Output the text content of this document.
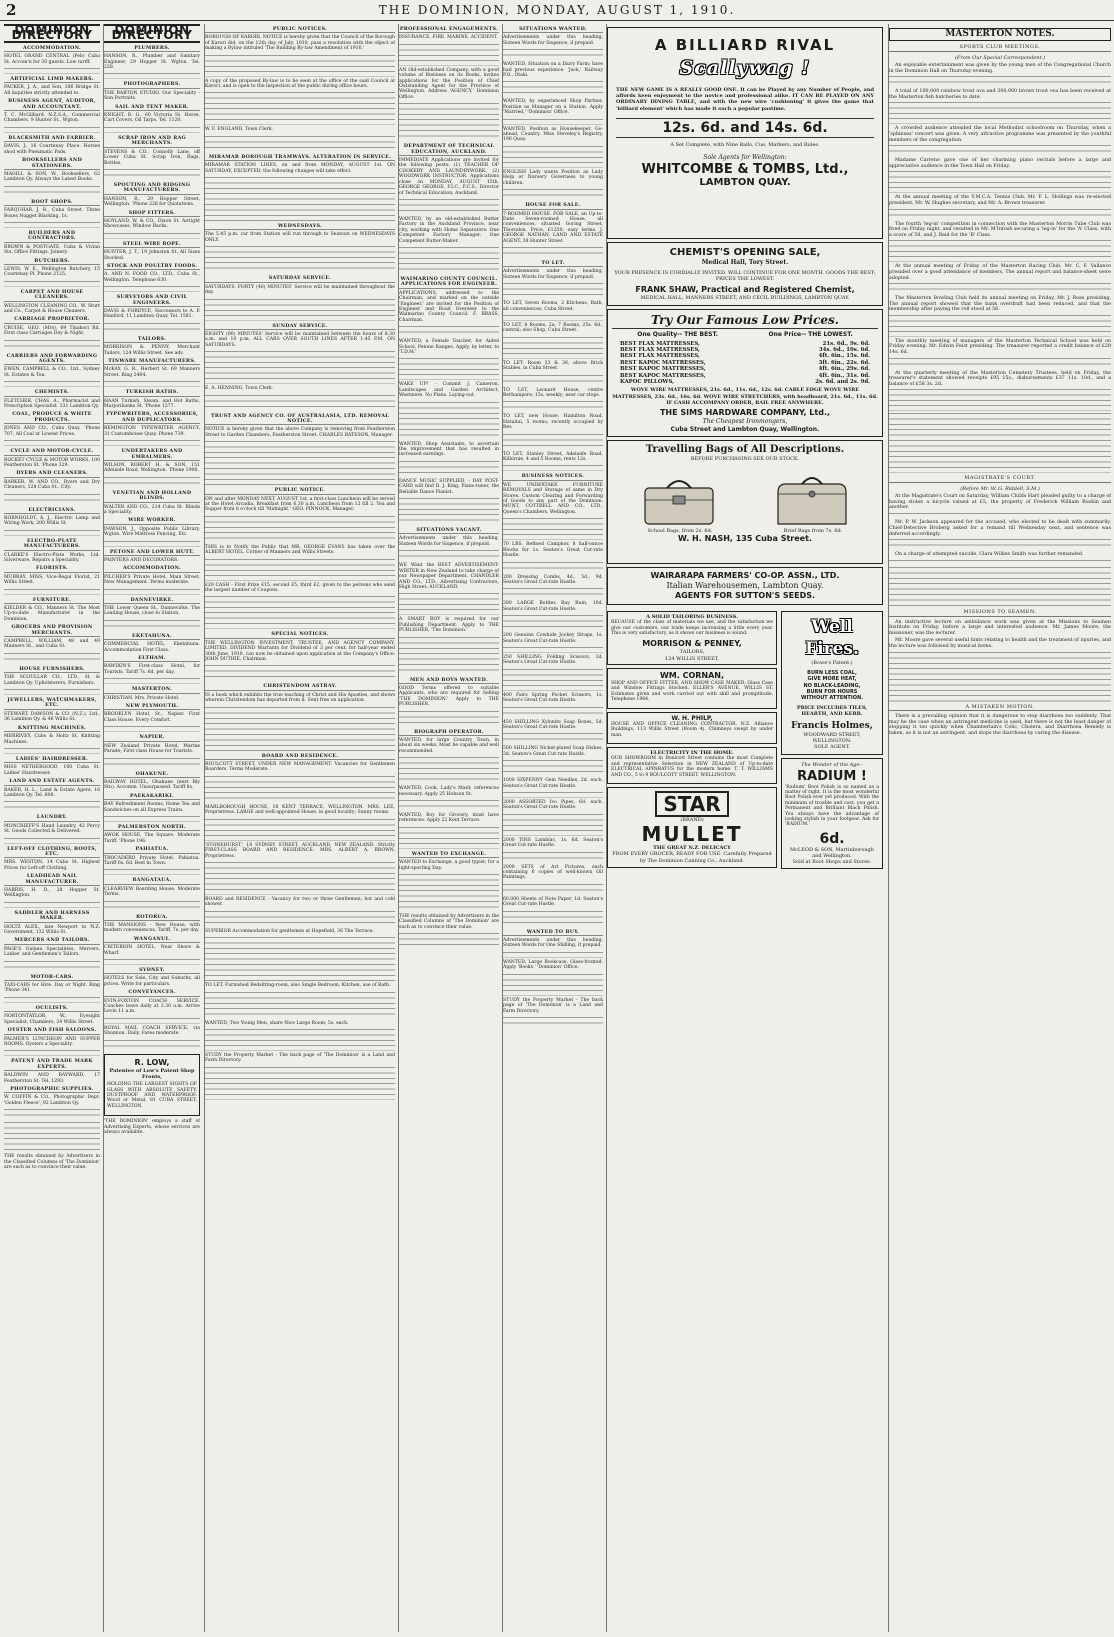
2	THE DOMINION, MONDAY, AUGUST 1, 1910.
DOMINION DIRECTORY
ACCOMMODATION.
HOTEL GRAND CENTRAL (Peb) Cuba St. Accom'n for 30 guests. Low tariff.
ARTIFICIAL LIMB MAKERS.
PACKER, J. A., and Son, 186 Bridge St. All inquiries strictly attended to.
BUSINESS AGENT, AUDITOR, AND ACCOUNTANT.
T. C. McGilliard, N.Z.S.A., Commercial Chambers, 9 Hunter St., Wgton.
BLACKSMITH AND FARRIER.
DAVIS, J., 16 Courtenay Place. Horses shod with Pneumatic Pads.
BOOKSELLERS AND STATIONERS.
MAGILL & SON, W., Booksellers, 62 Lambton Qy. Always the Latest Books.
BOOT SHOPS.
FARQUHAR, J. R., Cuba Street. Three Boxes Nugget Blacking, 1s.
BUILDERS AND CONTRACTORS.
BROWN & POSTGATE, Cuba & Vivian Sts. Office Fittings. Joinery.
BUTCHERS.
LEWIS, W. E., Wellington Butchery, 15 Courtenay Pl. Phone 2125.
CARPET AND HOUSE CLEANERS.
WELLINGTON CLEANING CO., W. Sturt and Co., Carpet & House Cleaners.
CARRIAGE PROPRIETOR.
CRUISE, GEO. (Mrs), 69 Tinakori Rd. First class Carriages Day & Night.
CARRIERS AND FORWARDING AGENTS.
EWEN, CAMPBELL & CO., Ltd., Sydney St. Estates & Tea.
CHEMISTS.
FLETCHER, CHAS. A., Pharmacist and Prescription Specialist. 231 Lambton Qy.
COAL, PRODUCE & WHITE PRODUCTS.
JONES AND CO., Cuba Quay. 'Phone 707. All Coal at Lowest Prices.
CYCLE AND MOTOR-CYCLE.
ROCKET CYCLE & MOTOR WORKS, 100 Featherston St. 'Phone 329.
DYERS AND CLEANERS.
BARKER, W. AND CO., Dyers and Dry Cleaners, 128 Cuba St., City.
ELECTRICIANS.
BORNHOLDT, A. J., Electric Lamp and Wiring Work, 200 Willis St.
ELECTRO-PLATE MANUFACTURERS.
CLARKE'S Electro-Plate Works, Ltd. Silverware. Repairs a Speciality.
FLORISTS.
MURRAY, MISS, Vice-Regal Florist, 21 Willis Street.
FURNITURE.
KIELDER & CO., Manners St. The Most Up-to-date Manufacturer in the Dominion.
GROCERS AND PROVISION MERCHANTS.
CAMPBELL, WILLIAM, 48 and 49 Manners St., and Cuba St.
HOUSE FURNISHERS.
THE SCOULLAR CO., LTD., H. & Lambton Qy. Upholsterers, Furnishers.
JEWELLERS, WATCHMAKERS, ETC.
STEWART, DAWSON & CO. (N.Z.), Ltd., 36 Lambton Qy. & 46 Willis St.
KNITTING MACHINES.
MERRIVEY, Cubs & Holtz St. Knitting Machines.
LADIES' HAIRDRESSER.
MISS NETHERGOOD, 100 Cuba St. Ladies' Hairdresser.
LAND AND ESTATE AGENTS.
BAKER, H. L., Land & Estate Agent, 16 Lambton Qy. Tel. 608.
LAUNDRY.
MONCRIEFF'S Hand Laundry, 42 Percy St. Goods Collected & Delivered.
LEFT-OFF CLOTHING, BOOTS, ETC.
MRS. WESTON, 14 Cuba St. Highest Prices for Left-off Clothing.
LEADHEAD NAIL MANUFACTURER.
HARRIS, H. D., 28 Hopper St. Wellington.
SADDLER AND HARNESS MAKER.
HOLTZ ALEX., late Newport to N.Z. Government, 132 Willis St.
MERCERS AND TAILORS.
PAGE'S Guinea Specialities, Mercers, Ladies' and Gentlemen's Tailors.
MOTOR-CARS.
TAXI-CABS for Hire. Day or Night. Ring 'Phone 341.
OCULISTS.
NORTONTAYLOR, W., Eyesight Specialist, Chambers, 24 Willis Street.
OYSTER AND FISH SALOONS.
PALMER'S LUNCHEON AND SUPPER ROOMS. Oysters a Speciality.
PATENT AND TRADE MARK EXPERTS.
BALDWIN AND RAYWARD, 17 Featherston St. Tel. 1293.
PHOTOGRAPHIC SUPPLIES.
W. COFFIN & CO., Photographic Dept. 'Golden Fleece', 92 Lambton Qy.
THE results obtained by Advertisers in the Classified Columns of 'The Dominion' are such as to convince their value.
DOMINION DIRECTORY
PLUMBERS.
HANSON, R., Plumber and Sanitary Engineer, 29 Hopper St. Wgton. Tel. 228.
PHOTOGRAPHERS.
THE BARTON STUDIO. Our Speciality - Sun Portraits.
SAIL AND TENT MAKER.
KNIGHT, B. G., 60 Victoria St. Horse, Cart Covers, Oil Tarps. Tel. 1120.
SCRAP IRON AND RAG MERCHANTS.
STEVENS & CO., Connolly Lane, off Lower Cuba St. Scrap Iron, Rags, Bottles.
SPOUTING AND RIDGING MANUFACTURERS.
HANSON, R., 29 Hopper Street, Wellington. 'Phone 228 for Quotations.
SHOP FITTERS.
HOYLAND, W. & CO., Dixon St. Airtight Showcases, Window Backs.
STEEL WIRE ROPE.
HUNTER, J. T., 19 Johnston St. All Sizes Stocked.
STOCK AND POULTRY FOODS.
A. AND N. FOOD CO., LTD., Cuba St., Wellington. Telephone 630.
SURVEYORS AND CIVIL ENGINEERS.
DAVIS & FORDYCE, Successors to A. P. Hanford, 11 Lambton Quay. Tel. 1581.
TAILORS.
MORRISON & PENNY, Merchant Tailors, 124 Willis Street. See adv.
TINWARE MANUFACTURERS.
McKAY, G. R., Herbert St. 69 Manners Street. Ring 2404.
TURKISH BATHS.
HAAN Turkish, Steam, and Hot Baths, Marjoribanks St. 'Phone 1377.
TYPEWRITERS, ACCESSORIES, AND DUPLICATORS.
REMINGTON TYPEWRITER AGENCY, 31 Customhouse Quay. Phone 739.
UNDERTAKERS AND EMBALMERS.
WILSON, ROBERT H. & SON, 151 Adelaide Road, Wellington. 'Phone 1906.
VENETIAN AND HOLLAND BLINDS.
WALTER AND CO., 214 Cuba St. Blinds a Speciality.
WIRE WORKER.
DAWSON, J., Opposite Public Library, Wgton. Wire Mattress Fencing, Etc.
PETONE AND LOWER HUTT.
PAINTERS AND DECORATORS.
ACCOMMODATION.
PILCHER'S Private Hotel, Main Street. New Management. Terms moderate.
DANNEVIRKE.
THE Lower Queen St., Dannevirke. The Leading House, close to Station.
EKETAHUNA.
COMMERCIAL HOTEL, Eketahuna. Accommodation First Class.
ELTHAM.
BAWDEN'S First-class Hotel, for Tourists. Tariff 7s. 6d. per day.
MASTERTON.
CHRISTIAN. Mrs. Private Hotel.
NEW PLYMOUTH.
BROOKLYN Hotel, St., Napier. First Class House. Every Comfort.
NAPIER.
NEW Zealand Private Hotel, Marine Parade; First-class House for Tourists.
OHAKUNE.
RAILWAY HOTEL, Ohakune (next Rly Stn). Accomm. Unsurpassed. Tariff 8s.
PAEKAKARIKI.
BAY Refreshment Rooms, Home Tea and Sandwiches on all Express Trains.
PALMERSTON NORTH.
AWOK HOUSE, The Square. Moderate Tariff. 'Phone 196.
PAHIATUA.
TROCADERO Private Hotel. Pahiatua. Tariff 6s. 6d. Best in Town.
RANGATAUA.
CLEARVIEW Boarding House. Moderate Terms.
ROTORUA.
THE MANSIONS - New House, with modern conveniences. Tariff, 7s. per day.
WANGANUI.
CRITERION HOTEL, Near Shore & Wharf.
SYDNEY.
HOTELS for Sale, City and Suburbs, all prices. Write for particulars.
CONVEYANCES.
EVIN-FOXTON COACH SERVICE. Coaches leave daily at 3.30 a.m. Arrive Levin 11 a.m.
ROYAL MAIL COACH SERVICE, via Shannon. Daily. Fares moderate.
R. LOW,
Patentee of Low's Patent Shop Fronts,
HOLDING THE LARGEST SIGHTS OF GLASS WITH ABSOLUTE SAFETY. DUSTPROOF AND WATERPROOF. Wood or Metal. 81 CUBA STREET, WELLINGTON.
'THE DOMINION' employs a staff of Advertising Experts, whose services are always available.
PUBLIC NOTICES.
BOROUGH OF KARORI. NOTICE is hereby given that the Council of the Borough of Karori did, on the 12th day of July, 1910, pass a resolution with the object of making a Bylaw intituled 'The Building By-law Amendment of 1910.'
A copy of the proposed By-law is to be seen at the office of the said Council at Karori, and is open to the inspection of the public during office hours.
W. F. ENGLAND, Town Clerk.
MIRAMAR BOROUGH TRAMWAYS. ALTERATION IN SERVICE.
MIRAMAR STATION LINES, on and from MONDAY, AUGUST 1st. ON SATURDAY, EXCEPTED, the following changes will take effect.
WEDNESDAYS.
The 5.45 p.m. car from Station will run through to Seatoun on WEDNESDAYS ONLY.
SATURDAY SERVICE.
SATURDAYS, FORTY (40) MINUTES' Service will be maintained throughout the day.
SUNDAY SERVICE.
EIGHTY (80) MINUTES' Service will be maintained between the hours of 8.30 a.m. and 10 p.m. ALL CARS OVER SOUTH LINES AFTER 1.45 P.M. ON SATURDAYS.
E. A. HENNING, Town Clerk.
TRUST AND AGENCY CO. OF AUSTRALASIA, LTD. REMOVAL NOTICE.
NOTICE is hereby given that the above Company is removing from Featherston Street to Garden Chambers, Featherston Street. CHARLES BATESON, Manager.
PUBLIC NOTICE.
ON and after MONDAY NEXT, AUGUST 1st, a first-class Luncheon will be served at the Hotel Arcadia. Breakfast from 6.30 a.m. Luncheon from 12 till 2. Tea and Supper from 6 o'clock till 'Midnight.' GEO. PINNOCK, Manager.
THIS is to Notify the Public that MR. GEORGE EVANS has taken over the ALBERT HOTEL, Corner of Manners and Willis Streets.
£20 CASH - First Prize £15, second £5, third £2, given to the persons who send the largest number of Coupons.
SPECIAL NOTICES.
THE WELLINGTON INVESTMENT, TRUSTEE, AND AGENCY COMPANY, LIMITED. DIVIDEND Warrants for Dividend of 3 per cent. for half-year ended 30th June, 1910, can now be obtained upon application at the Company's Office. JOHN DUTHIE, Chairman.
CHRISTENDOM ASTRAY.
IS a book which exhibits the true teaching of Christ and His Apostles, and shows wherein Christendom has departed from it. Sent free on application.
BOARD AND RESIDENCE.
ROULCOTT STREET, UNDER NEW MANAGEMENT. Vacancies for Gentlemen Boarders. Terms Moderate.
MARLBOROUGH HOUSE, 18 KENT TERRACE, WELLINGTON. MRS. LEE, Proprietress. LARGE and well-appointed House, in good locality; Sunny rooms.
'STONEHURST,' 18 SYDNEY STREET, AUCKLAND, NEW ZEALAND. Strictly FIRST-CLASS BOARD AND RESIDENCE. MRS. ALBERT A. BROWN, Proprietress.
BOARD and RESIDENCE - Vacancy for two or three Gentlemen; hot and cold shower.
SUPERIOR Accommodation for gentlemen at Hopefield, 36 The Terrace.
TO LET, Furnished Bedsitting-room, also Single Bedroom, Kitchen, use of Bath.
WANTED, Two Young Men, share Nice Large Room; 5s. each.
STUDY the Property Market - The back page of 'The Dominion' is a Land and Farm Directory.
PROFESSIONAL ENGAGEMENTS.
INSURANCE. FIRE. MARINE. ACCIDENT.
AN Old-established Company, with a good volume of Business on its Books, invites applications for the Position of Chief Outstanding Agent for the Province of Wellington. Address 'AGENCY,' Dominion Office.
DEPARTMENT OF TECHNICAL EDUCATION, AUCKLAND.
IMMEDIATE Applications are invited for the following posts: (1) TEACHER OF COOKERY AND LAUNDRYWORK. (2) WOODWORK INSTRUCTOR. Applications close on MONDAY, AUGUST 15th. GEORGE GEORGE, F.I.C., F.C.S., Director of Technical Education, Auckland.
WANTED, by an old-established Butter Factory in the Auckland Province, near city, working with Home Separators: One Competent Factory Manager. One Competent Butter-Maker.
WAIMARINO COUNTY COUNCIL. APPLICATIONS FOR ENGINEER.
APPLICATIONS, addressed to the Chairman, and marked on the outside 'Engineer,' are invited for the Position of Engineer and Road Overseer to the Waimarino County Council. F. BRASS, Chairman.
WANTED, a Female Teacher, for Aided School, Petone Ranges. Apply, by letter, to 'T.D.M.'
WAKE UP! - Commit J. Cameron, Landscapes and Garden Architect, Westmere. No Plans. Laying-out.
WANTED, Shop Assistants, to ascertain the improvement that has resulted in increased earnings.
DANCE MUSIC SUPPLIED. - DAY POST-CARD will find R. J. King, Piano-tuner, the Reliable Dance Pianist.
SITUATIONS VACANT.
Advertisements under this heading, Sixteen Words for Sixpence, if prepaid.
WE Want the BEST ADVERTISEMENT-WRITER in New Zealand to take charge of our Newspaper Department. CHANDLER AND CO., LTD., Advertising Contractors, High Street, AUCKLAND.
A SMART BOY is required for our Publishing Department. Apply to THE PUBLISHER, 'The Dominion.'
MEN AND BOYS WANTED.
GOOD Terms offered to suitable Applicants, who are required for Selling 'THE DOMINION.' Apply to THE PUBLISHER.
BIOGRAPH OPERATOR.
WANTED, for large Country Town, in about six weeks. Must be capable and well recommended.
WANTED, Cook, Lady's Maid; references necessary. Apply 25 Hobson St.
WANTED, Boy for Grocery, must have references. Apply 22 Kent Terrace.
WANTED TO EXCHANGE.
WANTED to Exchange, a good typist; for a light-sporting Day.
THE results obtained by Advertisers in the Classified Columns of 'The Dominion' are such as to convince their value.
SITUATIONS WANTED.
Advertisements under this heading, Sixteen Words for Sixpence, if prepaid.
WANTED, Situation on a Dairy Farm; have had previous experience. 'Jack,' Railway P.O., Otaki.
WANTED, by experienced Shop Partner, Position as Manager on a Station. Apply 'Married,' 'Dominion' Office.
WANTED, Position as Housekeeper, Go-ahead, Country. Miss Steveley's Registry, 196 Quay.
ENGLISH Lady wants Position as Lady Help or Nursery Governess to young children.
HOUSE FOR SALE.
7-ROOMED HOUSE. FOR SALE, an Up-to-Date Seven-roomed House, all conveniences, situated Goring Street, Thorndon. Price, £1250; easy terms. J. GEORGE NATHAN, LAND AND ESTATE AGENT, 38 Hunter Street.
TO LET.
Advertisements under this heading, Sixteen Words for Sixpence, if prepaid.
TO LET, Seven Rooms, 2 Kitchens, Bath, all conveniences, Cuba Street.
TO LET, 8 Rooms, 2a; 7 Rooms, 25s. 6d., central; also Shop, Cuba Street.
TO LET, Room 33 & 36, above Brick Stables, in Cuba Street.
TO LET, Leonard House, centre Berhampore; 15s. weekly; near car stops.
TO LET, new House, Hamilton Road, Hataitai, 5 rooms; recently occupied by Rev.
TO LET, Stanley Street, Adelaide Road, Kilbirnie, 4 and 5 Rooms; rents 12s.
BUSINESS NOTICES.
WE UNDERTAKE FURNITURE REMOVALS and Storage of same in Dry Stores. Custom Clearing and Forwarding of Goods to any part of the Dominion. MUNT, COTTRELL AND CO., LTD., Queen's Chambers, Wellington.
70 LBS. Refined Camphor, 8 half-ounce Blocks for 1s. Seaton's Great Cut-rate Hustle.
200 Dressing Combs, 4d., 5d., 9d. Seaton's Great Cut-rate Hustle.
300 LARGE Bottles Bay Rum, 10d. Seaton's Great Cut-rate Hustle.
200 Genuine Cowhide Jockey Straps, 1s. Seaton's Great Cut-rate Hustle.
250 SHILLING Folding Scissors, 3d. Seaton's Great Cut-rate Hustle.
400 Pairs Spring Pocket Scissors, 1s. Seaton's Great Cut-rate Hustle.
450 SHILLING Xylonite Soap Boxes, 5d. Seaton's Great Cut-rate Hustle.
500 SHILLING Nickel-plated Soap Dishes, 3d. Seaton's Great Cut-rate Hustle.
1000 SIXPENNY Gem Needles, 2d. each. Seaton's Great Cut-rate Hustle.
2000 ASSORTED Ivo Pipes, 6d. each. Seaton's Great Cut-rate Hustle.
2000 TINS Lamblac, 1s. 6d. Seaton's Great Cut-rate Hustle.
2000 SETS of Art Pictures, each containing 6 copies of well-known Oil Paintings.
60,000 Sheets of Note Paper, 1d. Seaton's Great Cut-rate Hustle.
WANTED TO BUY.
Advertisements under this heading, Sixteen Words for One Shilling, if prepaid.
WANTED, Large Bookcase, Glass-fronted. Apply 'Books,' 'Dominion' Office.
STUDY the Property Market - The back page of 'The Dominion' is a Land and Farm Directory.
A BILLIARD RIVAL
Scallywag !
THE NEW GAME IS A REALLY GOOD ONE. It can be Played by any Number of People, and affords keen enjoyment to the novice and professional alike. IT CAN BE PLAYED ON ANY ORDINARY DINING TABLE, and with the new wire 'cushioning' it gives the game that 'billiard element' which has made it such a popular pastime.
12s. 6d. and 14s. 6d.
A Set Complete, with Nine Balls, Cue, Markers, and Rules.
Sole Agents for Wellington:
WHITCOMBE & TOMBS, Ltd.,
LAMBTON QUAY.
CHEMIST'S OPENING SALE,
Medical Hall, Tory Street.
YOUR PRESENCE IS CORDIALLY INVITED. WILL CONTINUE FOR ONE MONTH. GOODS THE BEST; PRICES THE LOWEST.
FRANK SHAW, Practical and Registered Chemist,
MEDICAL HALL, MANNERS STREET, AND CECIL BUILDINGS, LAMBTON QUAY.
Try Our Famous Low Prices.
One Quality-- THE BEST.	One Price-- THE LOWEST.
BEST FLAX MATTRESSES,	21s. 6d., 9s. 6d.
BEST FLAX MATTRESSES,	34s. 6d., 10s. 6d.
BEST FLAX MATTRESSES,	4ft. 6in., 15s. 6d.
BEST KAPOC MATTRESSES,	3ft. 6in., 22s. 6d.
BEST KAPOC MATTRESSES,	4ft. 6in., 29s. 6d.
BEST KAPOC MATTRESSES,	4ft. 6in., 31s. 6d.
KAPOC PILLOWS,	2s. 6d. and 2s. 9d.
WOVE WIRE MATTRESSES, 21s. 6d., 11s. 6d., 12s. 6d. CABLE EDGE WOVE WIRE MATTRESSES, 23s. 6d., 16s. 6d. WOVE WIRE STRETCHERS, with headboard, 21s. 6d., 11s. 6d. IF CASH ACCOMPANY ORDER, RAIL FREE ANYWHERE.
THE SIMS HARDWARE COMPANY, Ltd.,
The Cheapest Ironmongers,
Cuba Street and Lambton Quay, Wellington.
Travelling Bags of All Descriptions.
BEFORE PURCHASING SEE OUR STOCK.
School Bags, from 2s. 6d.	Brief Bags from 7s. 6d.
W. H. NASH, 135 Cuba Street.
WAIRARAPA FARMERS' CO-OP. ASSN., LTD.
Italian Warehousemen, Lambton Quay.
AGENTS FOR SUTTON'S SEEDS.
A SOLID TAILORING BUSINESS.
BECAUSE of the class of materials we use, and the satisfaction we give our customers, our trade keeps increasing a little every year. This is very satisfactory, as it shows our business is sound.
MORRISON & PENNEY,
TAILORS,
124 WILLIS STREET.
WM. CORNAN,
SHOP AND OFFICE FITTER, AND SHOW CASE MAKER. Glass Case and Window Fittings Stocked. ELLER'S AVENUE, WILLIS ST. Estimates given and work carried out with skill and promptitude. Telephone 1964.
W. H. PHILP,
HOUSE AND OFFICE CLEANING CONTRACTOR. N.Z. Alliance Buildings, 113 Willis Street (Room 4). Chimneys swept by under man.
ELECTRICITY IN THE HOME.
OUR SHOWROOM in Boulcott Street contains the most Complete and representative Selection in NEW ZEALAND of Up-to-date ELECTRICAL APPARATUS for the modern home. T. T. WILLIAMS AND CO., 5 to 9 BOULCOTT STREET, WELLINGTON.
STAR
(BRAND)
MULLET
THE GREAT N.Z. DELICACY
FROM EVERY GROCER; READY FOR USE. Carefully Prepared by The Dominion Canning Co., Auckland.
Well Fires.
(Bowe's Patent.)
BURN LESS COAL,
GIVE MORE HEAT,
NO BLACK-LEADING,
BURN FOR HOURS
WITHOUT ATTENTION.
PRICE INCLUDES TILES, HEARTH, AND KERB.
Francis Holmes,
WOODWARD STREET, WELLINGTON.
SOLE AGENT.
The Wonder of the Age--
RADIUM !
'Radium' Boot Polish is so named as a matter of right. It is the most wonderful Boot Polish ever yet produced. With the minimum of trouble and cost, you get a Permanent and Brilliant Black Polish. You always have the advantage of looking stylish in your footgear. Ask for 'RADIUM.'
6d.
McLEOD & SON, Martinborough and Wellington.
Sold at Boot Shops and Stores.
MASTERTON NOTES.
SPORTS CLUB MEETINGS.
(From Our Special Correspondent.)
An enjoyable entertainment was given by the young men of the Congregational Church in the Dominion Hall on Thursday evening.
A total of 100,000 rainbow trout ova and 300,000 brown trout ova has been received at the Masterton fish hatcheries to date.
A crowded audience attended the local Methodist schoolroom on Thursday, when a 'sphinxes' concert was given. A very attractive programme was presented by the youthful members of the congregation.
Madame Carreno gave one of her charming piano recitals before a large and appreciative audience in the Town Hall on Friday.
At the annual meeting of the Y.M.C.A. Tennis Club, Mr. F. L. Hollings was re-elected president, Mr. W. Hughes secretary, and Mr. A. Brown treasurer.
The fourth 'leg-in' competition in connection with the Masterton Morris Tube Club was fired on Friday night, and resulted in Mr. M'Intosh securing a 'leg-in' for the 'A' Class, with a score of 58, and J. Reid for the 'B' Class.
At the annual meeting of Friday of the Masterton Racing Club, Mr. C. F. Vallance presided over a good attendance of members. The annual report and balance-sheet were adopted.
The Masterton Bowling Club held its annual meeting on Friday, Mr. J. Rose presiding. The annual report showed that the bank overdraft had been reduced, and that the membership after paying the roll stood at 56.
The monthly meeting of managers of the Masterton Technical School was held on Friday evening. Mr. Edwin Feist presiding. The treasurer reported a credit balance of £29 14s. 6d.
At the quarterly meeting of the Masterton Cemetery Trustees, held on Friday, the treasurer's statement showed receipts £95 15s., disbursements £37 11s. 10d., and a balance of £58 3s. 2d.
MAGISTRATE'S COURT.
(Before Mr. W. G. Riddell, S.M.)
At the Magistrate's Court on Saturday, William Childs Hart pleaded guilty to a charge of having stolen a bicycle valued at £5, the property of Frederick William Ruskin and another.
Mr. P. W. Jackson appeared for the accused, who elected to be dealt with summarily. Chief-Detective Broberg asked for a remand till Wednesday next, and sentence was deferred accordingly.
On a charge of attempted suicide, Clara Wilkes Smith was further remanded.
MISSIONS TO SEAMEN.
An instructive lecture on ambulance work was given at the Missions to Seamen Institute on Friday, before a large and interested audience. Mr. James Moore, the missioner, was the lecturer.
Mr. Moore gave several useful hints relating to health and the treatment of injuries, and the lecture was followed by musical items.
A MISTAKEN MOTION.
There is a prevailing opinion that it is dangerous to stop diarrhoea too suddenly. That may be the case when an astringent medicine is used, but there is not the least danger of stopping it too quickly when Chamberlain's Colic, Cholera, and Diarrhoea Remedy is taken, as it is not an astringent, and stops the diarrhoea by curing the disease.
